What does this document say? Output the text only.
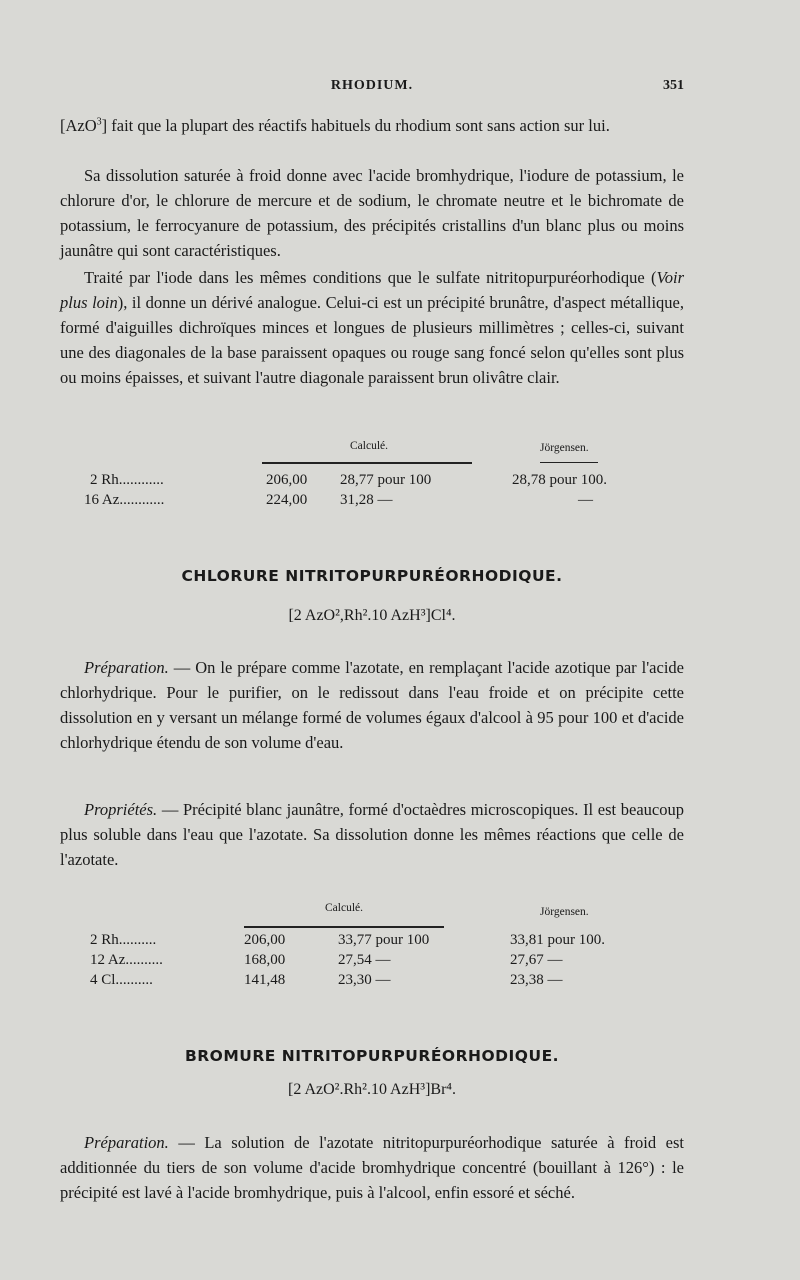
RHODIUM.	351

[AzO$^3$] fait que la plupart des réactifs habituels du rhodium sont sans action sur lui.

Sa dissolution saturée à froid donne avec l'acide bromhydrique, l'iodure de potassium, le chlorure d'or, le chlorure de mercure et de sodium, le chromate neutre et le bichromate de potassium, le ferrocyanure de potassium, des précipités cristallins d'un blanc plus ou moins jaunâtre qui sont caractéristiques.

Traité par l'iode dans les mêmes conditions que le sulfate nitritopurpuréorhodique (Voir plus loin), il donne un dérivé analogue. Celui-ci est un précipité brunâtre, d'aspect métallique, formé d'aiguilles dichroïques minces et longues de plusieurs millimètres ; celles-ci, suivant une des diagonales de la base paraissent opaques ou rouge sang foncé selon qu'elles sont plus ou moins épaisses, et suivant l'autre diagonale paraissent brun olivâtre clair.

Calculé.	Jörgensen.
2 Rh............	206,00 28,77 pour 100	28,78 pour 100.
16 Az............	224,00 31,28 —	—
CHLORURE NITRITOPURPURÉORHODIQUE.
[2 AzO²,Rh².10 AzH³]Cl⁴.

Préparation. — On le prépare comme l'azotate, en remplaçant l'acide azotique par l'acide chlorhydrique. Pour le purifier, on le redissout dans l'eau froide et on précipite cette dissolution en y versant un mélange formé de volumes égaux d'alcool à 95 pour 100 et d'acide chlorhydrique étendu de son volume d'eau.

Propriétés. — Précipité blanc jaunâtre, formé d'octaèdres microscopiques. Il est beaucoup plus soluble dans l'eau que l'azotate. Sa dissolution donne les mêmes réactions que celle de l'azotate.

Calculé.	Jörgensen.
2 Rh..........	206,00	33,77 pour 100	33,81 pour 100.
12 Az..........	168,00	27,54 —	27,67 —
4 Cl..........	141,48	23,30 —	23,38 —
BROMURE NITRITOPURPURÉORHODIQUE.
[2 AzO².Rh².10 AzH³]Br⁴.

Préparation. — La solution de l'azotate nitritopurpuréorhodique saturée à froid est additionnée du tiers de son volume d'acide bromhydrique concentré (bouillant à 126°) : le précipité est lavé à l'acide bromhydrique, puis à l'alcool, enfin essoré et séché.
